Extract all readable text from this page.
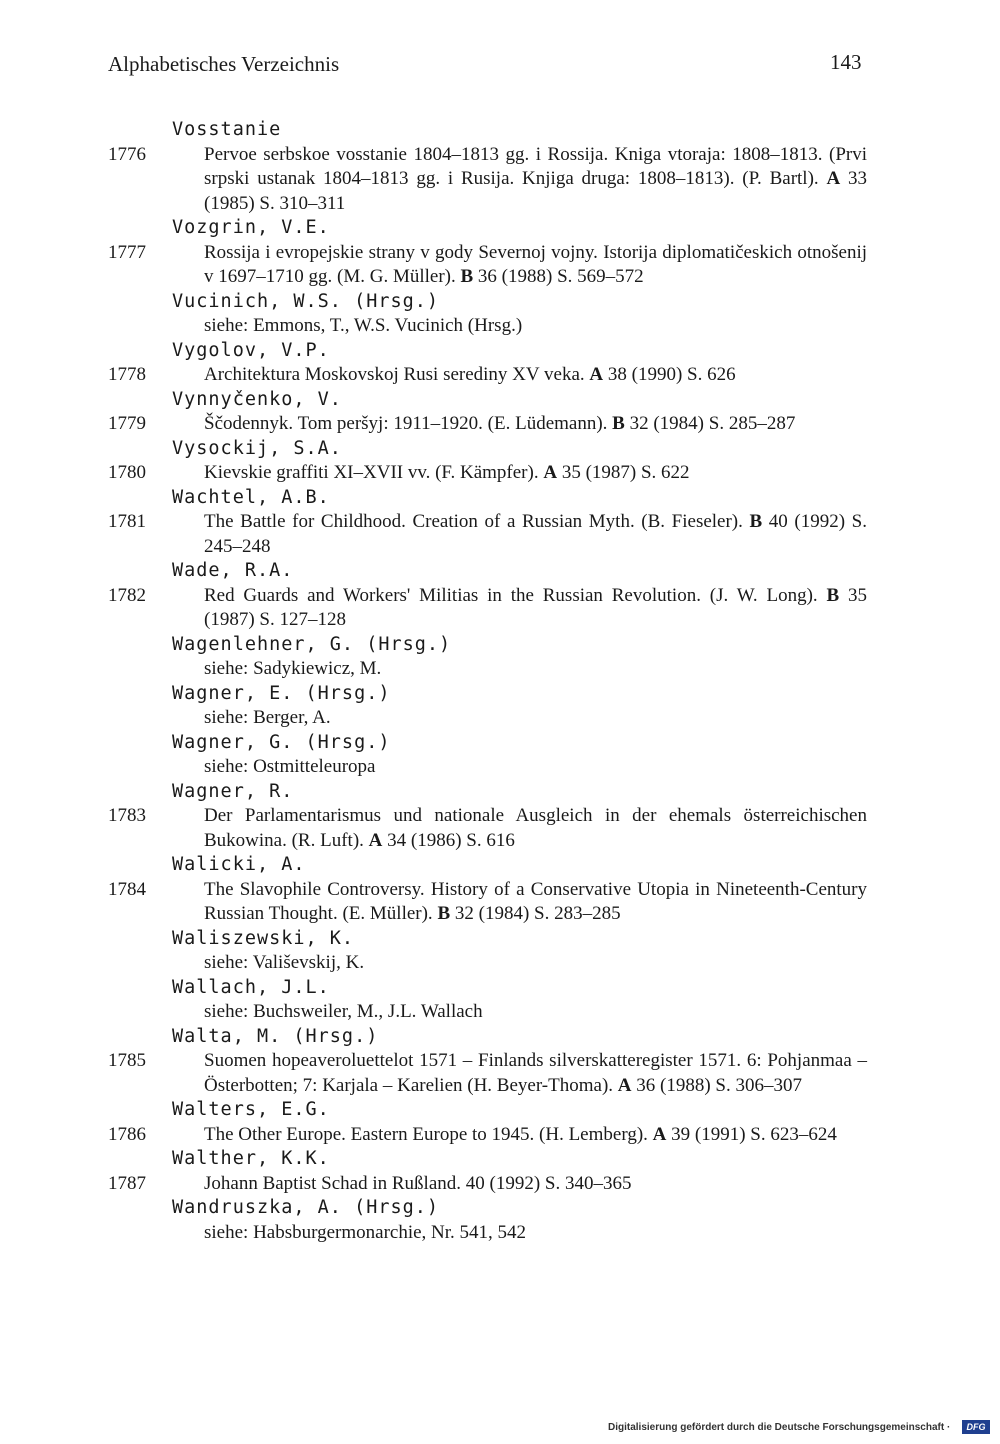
Alphabetisches Verzeichnis	143
Vosstanie
1776	Pervoe serbskoe vosstanie 1804–1813 gg. i Rossija. Kniga vtoraja: 1808–1813. (Prvi srpski ustanak 1804–1813 gg. i Rusija. Knjiga druga: 1808–1813). (P. Bartl). A 33 (1985) S. 310–311
Vozgrin, V.E.
1777	Rossija i evropejskie strany v gody Severnoj vojny. Istorija diplomatičeskich otnošenij v 1697–1710 gg. (M. G. Müller). B 36 (1988) S. 569–572
Vucinich, W.S. (Hrsg.)
siehe: Emmons, T., W.S. Vucinich (Hrsg.)
Vygolov, V.P.
1778	Architektura Moskovskoj Rusi serediny XV veka. A 38 (1990) S. 626
Vynnyčenko, V.
1779	Ščodennyk. Tom peršyj: 1911–1920. (E. Lüdemann). B 32 (1984) S. 285–287
Vysockij, S.A.
1780	Kievskie graffiti XI–XVII vv. (F. Kämpfer). A 35 (1987) S. 622
Wachtel, A.B.
1781	The Battle for Childhood. Creation of a Russian Myth. (B. Fieseler). B 40 (1992) S. 245–248
Wade, R.A.
1782	Red Guards and Workers' Militias in the Russian Revolution. (J. W. Long). B 35 (1987) S. 127–128
Wagenlehner, G. (Hrsg.)
siehe: Sadykiewicz, M.
Wagner, E. (Hrsg.)
siehe: Berger, A.
Wagner, G. (Hrsg.)
siehe: Ostmitteleuropa
Wagner, R.
1783	Der Parlamentarismus und nationale Ausgleich in der ehemals österreichischen Bukowina. (R. Luft). A 34 (1986) S. 616
Walicki, A.
1784	The Slavophile Controversy. History of a Conservative Utopia in Nineteenth-Century Russian Thought. (E. Müller). B 32 (1984) S. 283–285
Waliszewski, K.
siehe: Vališevskij, K.
Wallach, J.L.
siehe: Buchsweiler, M., J.L. Wallach
Walta, M. (Hrsg.)
1785	Suomen hopeaveroluettelot 1571 – Finlands silverskatteregister 1571. 6: Pohjanmaa – Österbotten; 7: Karjala – Karelien (H. Beyer-Thoma). A 36 (1988) S. 306–307
Walters, E.G.
1786	The Other Europe. Eastern Europe to 1945. (H. Lemberg). A 39 (1991) S. 623–624
Walther, K.K.
1787	Johann Baptist Schad in Rußland. 40 (1992) S. 340–365
Wandruszka, A. (Hrsg.)
siehe: Habsburgermonarchie, Nr. 541, 542
Digitalisierung gefördert durch die Deutsche Forschungsgemeinschaft ·	DFG
